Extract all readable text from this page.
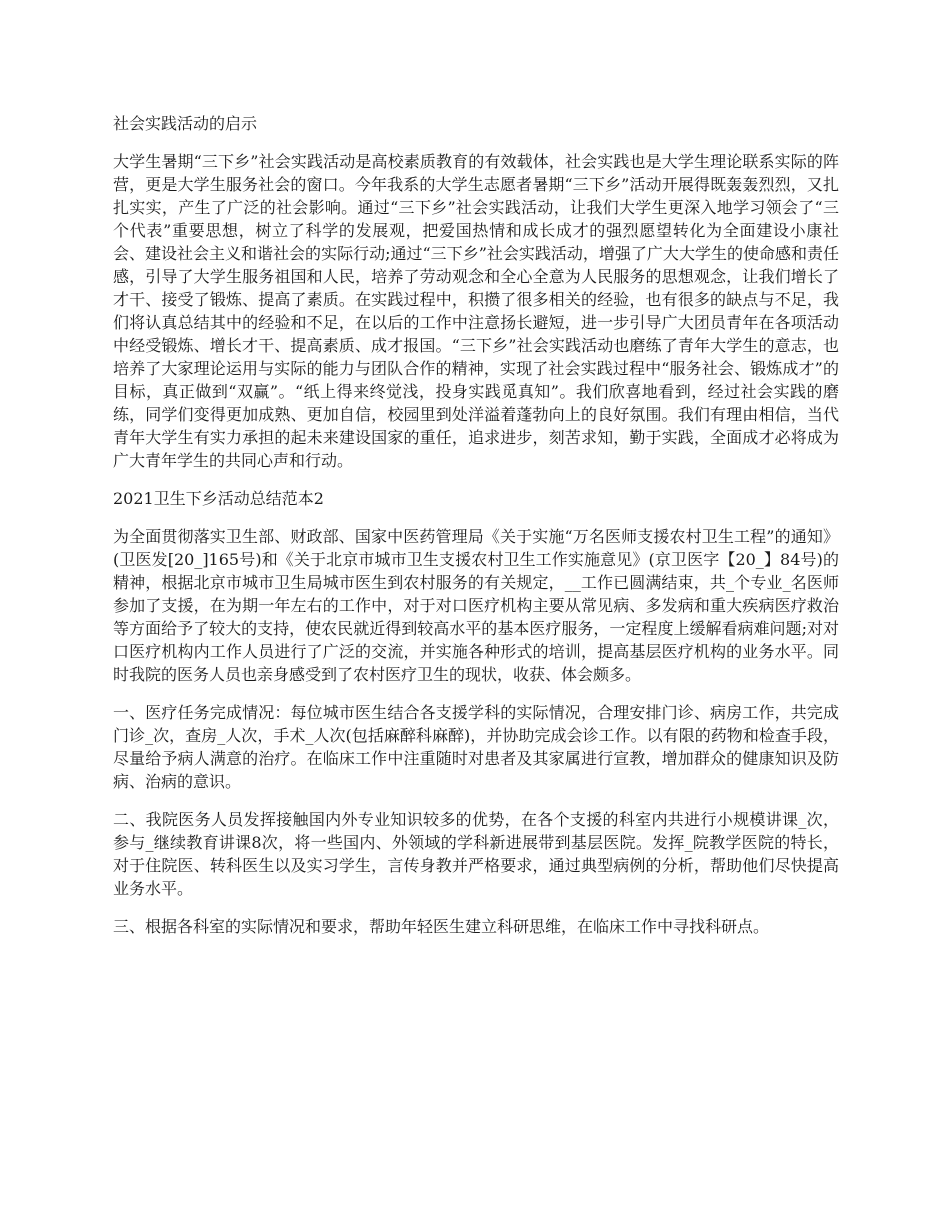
社会实践活动的启示

大学生暑期“三下乡”社会实践活动是高校素质教育的有效载体，社会实践也是大学生理论联系实际的阵营，更是大学生服务社会的窗口。今年我系的大学生志愿者暑期“三下乡”活动开展得既轰轰烈烈，又扎扎实实，产生了广泛的社会影响。通过“三下乡”社会实践活动，让我们大学生更深入地学习领会了“三个代表”重要思想，树立了科学的发展观，把爱国热情和成长成才的强烈愿望转化为全面建设小康社会、建设社会主义和谐社会的实际行动;通过“三下乡”社会实践活动，增强了广大大学生的使命感和责任感，引导了大学生服务祖国和人民，培养了劳动观念和全心全意为人民服务的思想观念，让我们增长了才干、接受了锻炼、提高了素质。在实践过程中，积攒了很多相关的经验，也有很多的缺点与不足，我们将认真总结其中的经验和不足，在以后的工作中注意扬长避短，进一步引导广大团员青年在各项活动中经受锻炼、增长才干、提高素质、成才报国。“三下乡”社会实践活动也磨练了青年大学生的意志，也培养了大家理论运用与实际的能力与团队合作的精神，实现了社会实践过程中“服务社会、锻炼成才”的目标，真正做到“双赢”。“纸上得来终觉浅，投身实践觅真知”。我们欣喜地看到，经过社会实践的磨练，同学们变得更加成熟、更加自信，校园里到处洋溢着蓬勃向上的良好氛围。我们有理由相信，当代青年大学生有实力承担的起未来建设国家的重任，追求进步，刻苦求知，勤于实践，全面成才必将成为广大青年学生的共同心声和行动。

2021卫生下乡活动总结范本2

为全面贯彻落实卫生部、财政部、国家中医药管理局《关于实施“万名医师支援农村卫生工程”的通知》(卫医发[20_]165号)和《关于北京市城市卫生支援农村卫生工作实施意见》(京卫医字【20_】84号)的精神，根据北京市城市卫生局城市医生到农村服务的有关规定，__工作已圆满结束，共_个专业_名医师参加了支援，在为期一年左右的工作中，对于对口医疗机构主要从常见病、多发病和重大疾病医疗救治等方面给予了较大的支持，使农民就近得到较高水平的基本医疗服务，一定程度上缓解看病难问题;对对口医疗机构内工作人员进行了广泛的交流，并实施各种形式的培训，提高基层医疗机构的业务水平。同时我院的医务人员也亲身感受到了农村医疗卫生的现状，收获、体会颇多。

一、医疗任务完成情况：每位城市医生结合各支援学科的实际情况，合理安排门诊、病房工作，共完成门诊_次，查房_人次，手术_人次(包括麻醉科麻醉)，并协助完成会诊工作。以有限的药物和检查手段，尽量给予病人满意的治疗。在临床工作中注重随时对患者及其家属进行宣教，增加群众的健康知识及防病、治病的意识。

二、我院医务人员发挥接触国内外专业知识较多的优势，在各个支援的科室内共进行小规模讲课_次，参与_继续教育讲课8次，将一些国内、外领域的学科新进展带到基层医院。发挥_院教学医院的特长，对于住院医、转科医生以及实习学生，言传身教并严格要求，通过典型病例的分析，帮助他们尽快提高业务水平。

三、根据各科室的实际情况和要求，帮助年轻医生建立科研思维，在临床工作中寻找科研点。
